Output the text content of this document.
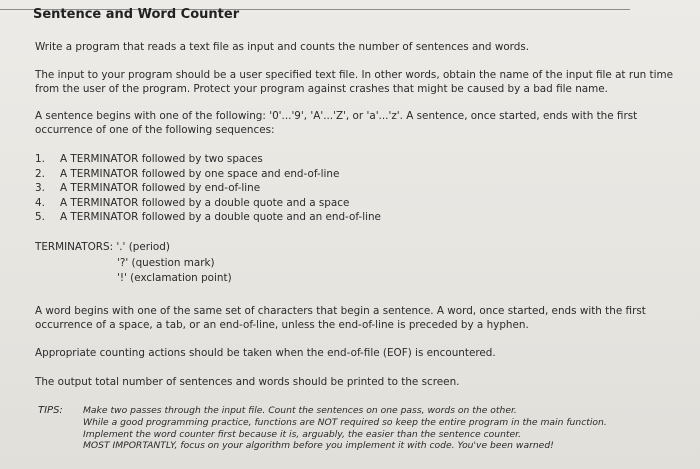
Sentence and Word Counter
Write a program that reads a text file as input and counts the number of sentences and words.
The input to your program should be a user specified text file. In other words, obtain the name of the input file at run time
from the user of the program. Protect your program against crashes that might be caused by a bad file name.
A sentence begins with one of the following: '0'...'9', 'A'...'Z', or 'a'...'z'. A sentence, once started, ends with the first
occurrence of one of the following sequences:
1.	A TERMINATOR followed by two spaces
2.	A TERMINATOR followed by one space and end-of-line
3.	A TERMINATOR followed by end-of-line
4.	A TERMINATOR followed by a double quote and a space
5.	A TERMINATOR followed by a double quote and an end-of-line
TERMINATORS: '.' (period)
'?' (question mark)
'!' (exclamation point)
A word begins with one of the same set of characters that begin a sentence. A word, once started, ends with the first
occurrence of a space, a tab, or an end-of-line, unless the end-of-line is preceded by a hyphen.
Appropriate counting actions should be taken when the end-of-file (EOF) is encountered.
The output total number of sentences and words should be printed to the screen.
TIPS: Make two passes through the input file. Count the sentences on one pass, words on the other.
While a good programming practice, functions are NOT required so keep the entire program in the main function.
Implement the word counter first because it is, arguably, the easier than the sentence counter.
MOST IMPORTANTLY, focus on your algorithm before you implement it with code. You've been warned!
